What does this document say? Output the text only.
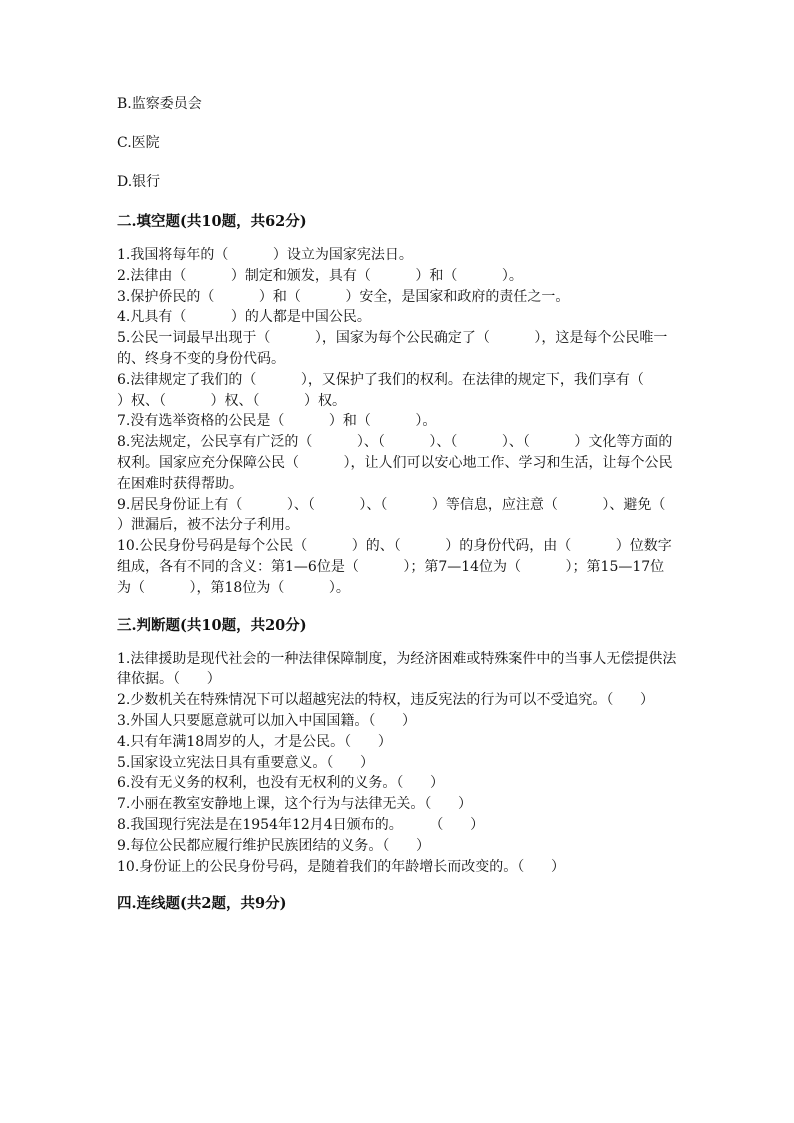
B.监察委员会

C.医院

D.银行

二.填空题(共10题，共62分)

1.我国将每年的（          ）设立为国家宪法日。

2.法律由（          ）制定和颁发，具有（          ）和（          ）。

3.保护侨民的（          ）和（          ）安全，是国家和政府的责任之一。

4.凡具有（          ）的人都是中国公民。

5.公民一词最早出现于（          ），国家为每个公民确定了（          ），这是每个公民唯一的、终身不变的身份代码。

6.法律规定了我们的（          ），又保护了我们的权利。在法律的规定下，我们享有（          ）权、（          ）权、（          ）权。

7.没有选举资格的公民是（          ）和（          ）。

8.宪法规定，公民享有广泛的（          ）、（          ）、（          ）、（          ）文化等方面的权利。国家应充分保障公民（          ），让人们可以安心地工作、学习和生活，让每个公民在困难时获得帮助。

9.居民身份证上有（          ）、（          ）、（          ）等信息，应注意（          ）、避免（          ）泄漏后，被不法分子利用。

10.公民身份号码是每个公民（          ）的、（          ）的身份代码，由（          ）位数字组成，各有不同的含义：第1—6位是（          ）；第7—14位为（          ）；第15—17位为（          ），第18位为（          ）。

三.判断题(共10题，共20分)

1.法律援助是现代社会的一种法律保障制度，为经济困难或特殊案件中的当事人无偿提供法律依据。（      ）

2.少数机关在特殊情况下可以超越宪法的特权，违反宪法的行为可以不受追究。（      ）

3.外国人只要愿意就可以加入中国国籍。（      ）

4.只有年满18周岁的人，才是公民。（      ）

5.国家设立宪法日具有重要意义。（      ）

6.没有无义务的权利，也没有无权利的义务。（      ）

7.小丽在教室安静地上课，这个行为与法律无关。（      ）

8.我国现行宪法是在1954年12月4日颁布的。      （      ）

9.每位公民都应履行维护民族团结的义务。（      ）

10.身份证上的公民身份号码，是随着我们的年龄增长而改变的。（      ）

四.连线题(共2题，共9分)
